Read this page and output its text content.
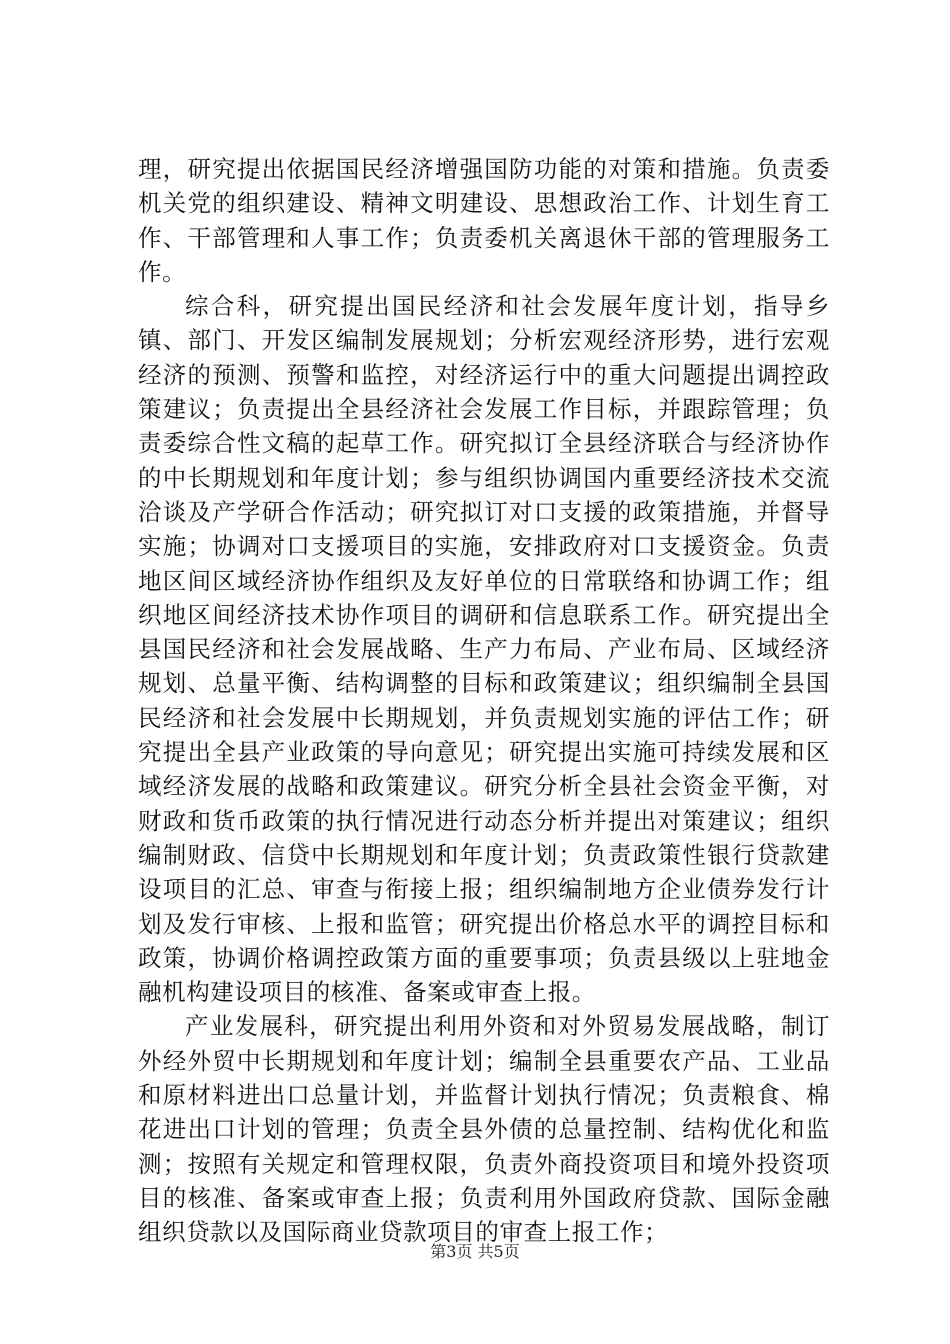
理，研究提出依据国民经济增强国防功能的对策和措施。负责委机关党的组织建设、精神文明建设、思想政治工作、计划生育工作、干部管理和人事工作；负责委机关离退休干部的管理服务工作。

综合科，研究提出国民经济和社会发展年度计划，指导乡镇、部门、开发区编制发展规划；分析宏观经济形势，进行宏观经济的预测、预警和监控，对经济运行中的重大问题提出调控政策建议；负责提出全县经济社会发展工作目标，并跟踪管理；负责委综合性文稿的起草工作。研究拟订全县经济联合与经济协作的中长期规划和年度计划；参与组织协调国内重要经济技术交流洽谈及产学研合作活动；研究拟订对口支援的政策措施，并督导实施；协调对口支援项目的实施，安排政府对口支援资金。负责地区间区域经济协作组织及友好单位的日常联络和协调工作；组织地区间经济技术协作项目的调研和信息联系工作。研究提出全县国民经济和社会发展战略、生产力布局、产业布局、区域经济规划、总量平衡、结构调整的目标和政策建议；组织编制全县国民经济和社会发展中长期规划，并负责规划实施的评估工作；研究提出全县产业政策的导向意见；研究提出实施可持续发展和区域经济发展的战略和政策建议。研究分析全县社会资金平衡，对财政和货币政策的执行情况进行动态分析并提出对策建议；组织编制财政、信贷中长期规划和年度计划；负责政策性银行贷款建设项目的汇总、审查与衔接上报；组织编制地方企业债券发行计划及发行审核、上报和监管；研究提出价格总水平的调控目标和政策，协调价格调控政策方面的重要事项；负责县级以上驻地金融机构建设项目的核准、备案或审查上报。

产业发展科，研究提出利用外资和对外贸易发展战略，制订外经外贸中长期规划和年度计划；编制全县重要农产品、工业品和原材料进出口总量计划，并监督计划执行情况；负责粮食、棉花进出口计划的管理；负责全县外债的总量控制、结构优化和监测；按照有关规定和管理权限，负责外商投资项目和境外投资项目的核准、备案或审查上报；负责利用外国政府贷款、国际金融组织贷款以及国际商业贷款项目的审查上报工作；

第3页 共5页
